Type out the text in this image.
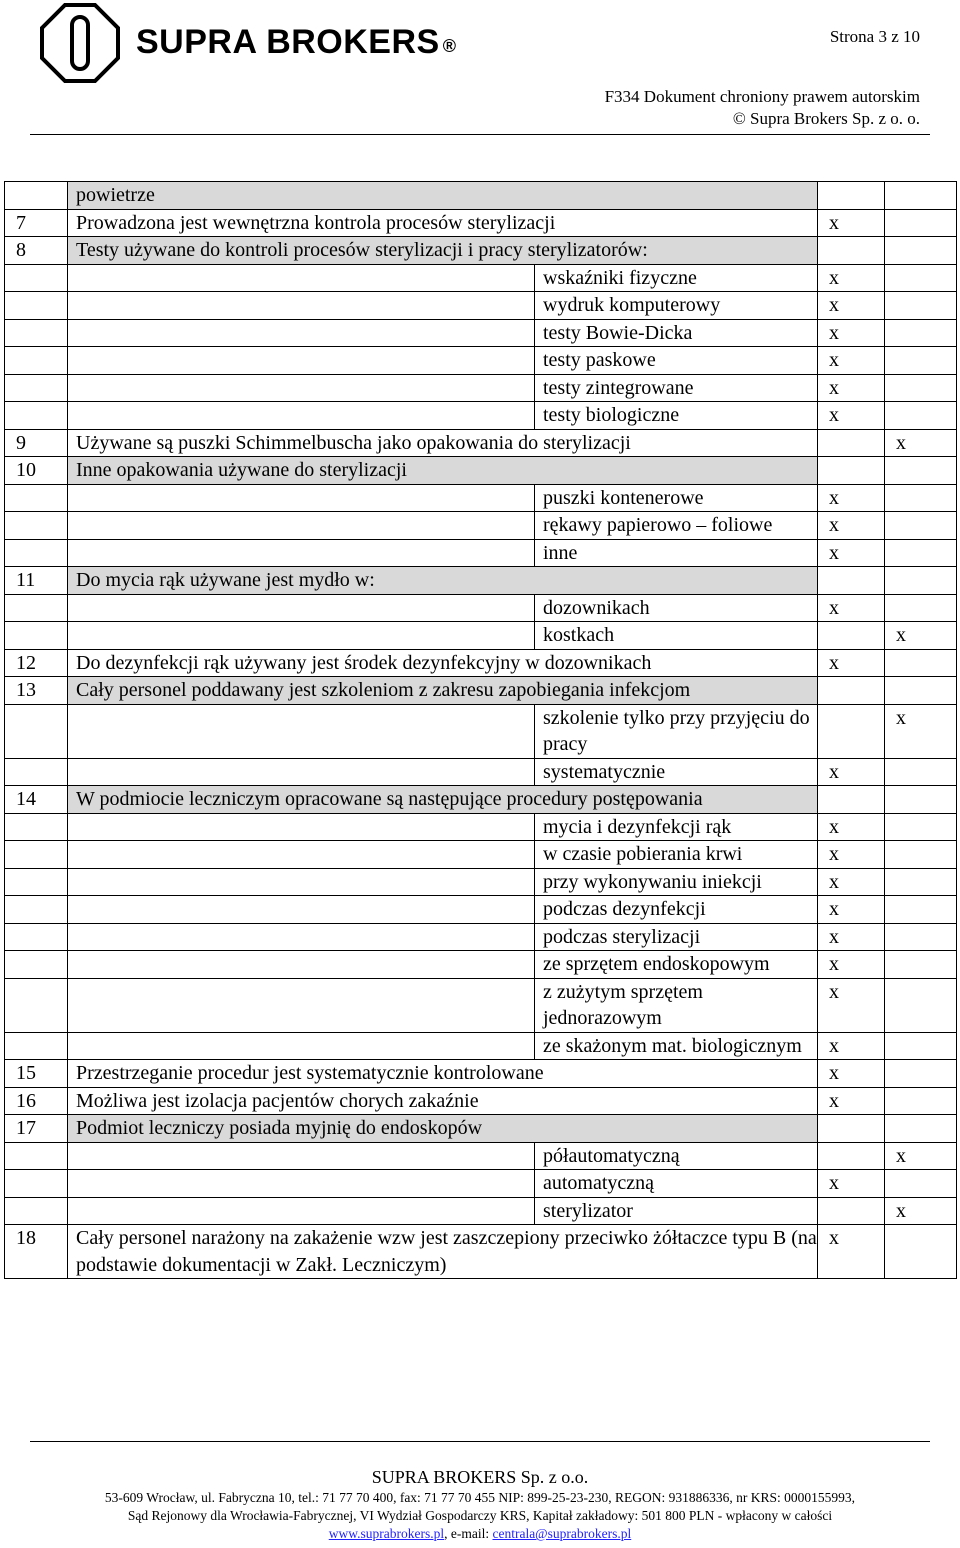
SUPRA BROKERS ®	Strona 3 z 10
F334 Dokument chroniony prawem autorskim
© Supra Brokers Sp. z o. o.
	powietrze			
7	Prowadzona jest wewnętrzna kontrola procesów sterylizacji		x	
8	Testy używane do kontroli procesów sterylizacji i pracy sterylizatorów:			
		wskaźniki fizyczne	x	
		wydruk komputerowy	x	
		testy Bowie-Dicka	x	
		testy paskowe	x	
		testy zintegrowane	x	
		testy biologiczne	x	
9	Używane są puszki Schimmelbuscha jako opakowania do sterylizacji			x
10	Inne opakowania używane do sterylizacji			
		puszki kontenerowe	x	
		rękawy papierowo – foliowe	x	
		inne	x	
11	Do mycia rąk używane jest mydło w:			
		dozownikach	x	
		kostkach		x
12	Do dezynfekcji rąk używany jest środek dezynfekcyjny w dozownikach		x	
13	Cały personel poddawany jest szkoleniom z zakresu zapobiegania infekcjom			
		szkolenie tylko przy przyjęciu do pracy		x
		systematycznie	x	
14	W podmiocie leczniczym opracowane są następujące procedury postępowania			
		mycia i dezynfekcji rąk	x	
		w czasie pobierania krwi	x	
		przy wykonywaniu iniekcji	x	
		podczas dezynfekcji	x	
		podczas sterylizacji	x	
		ze sprzętem endoskopowym	x	
		z zużytym sprzętem jednorazowym	x	
		ze skażonym mat. biologicznym	x	
15	Przestrzeganie procedur jest systematycznie kontrolowane		x	
16	Możliwa jest izolacja pacjentów chorych zakaźnie		x	
17	Podmiot leczniczy posiada myjnię do endoskopów			
		półautomatyczną		x
		automatyczną	x	
		sterylizator		x
18	Cały personel narażony na zakażenie wzw jest zaszczepiony przeciwko żółtaczce typu B (na podstawie dokumentacji w Zakł. Leczniczym)		x	
SUPRA BROKERS Sp. z o.o.
53-609 Wrocław, ul. Fabryczna 10, tel.: 71 77 70 400, fax: 71 77 70 455 NIP: 899-25-23-230, REGON: 931886336, nr KRS: 0000155993,
Sąd Rejonowy dla Wrocławia-Fabrycznej, VI Wydział Gospodarczy KRS, Kapitał zakładowy: 501 800 PLN - wpłacony w całości
www.suprabrokers.pl, e-mail: centrala@suprabrokers.pl
